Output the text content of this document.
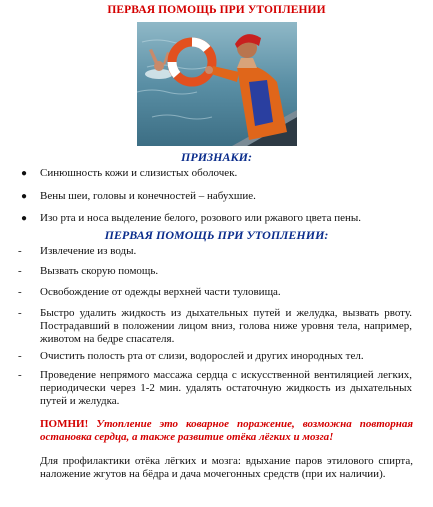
ПЕРВАЯ ПОМОЩЬ ПРИ УТОПЛЕНИИ
ПРИЗНАКИ:
● Синюшность кожи и слизистых оболочек.
● Вены шеи, головы и конечностей – набухшие.
● Изо рта и носа выделение белого, розового или ржавого цвета пены.
ПЕРВАЯ ПОМОЩЬ ПРИ УТОПЛЕНИИ:
- Извлечение из воды.
- Вызвать скорую помощь.
- Освобождение от одежды верхней части туловища.
- Быстро удалить жидкость из дыхательных путей и желудка, вызвать рвоту. Пострадавший в положении лицом вниз, голова ниже уровня тела, например, животом на бедре спасателя.
- Очистить полость рта от слизи, водорослей и других инородных тел.
- Проведение непрямого массажа сердца с искусственной вентиляцией легких, периодически через 1-2 мин. удалять остаточную жидкость из дыхательных путей и желудка.
ПОМНИ! Утопление это коварное поражение, возможна повторная остановка сердца, а также развитие отёка лёгких и мозга!
Для профилактики отёка лёгких и мозга: вдыхание паров этилового спирта, наложение жгутов на бёдра и дача мочегонных средств (при их наличии).
